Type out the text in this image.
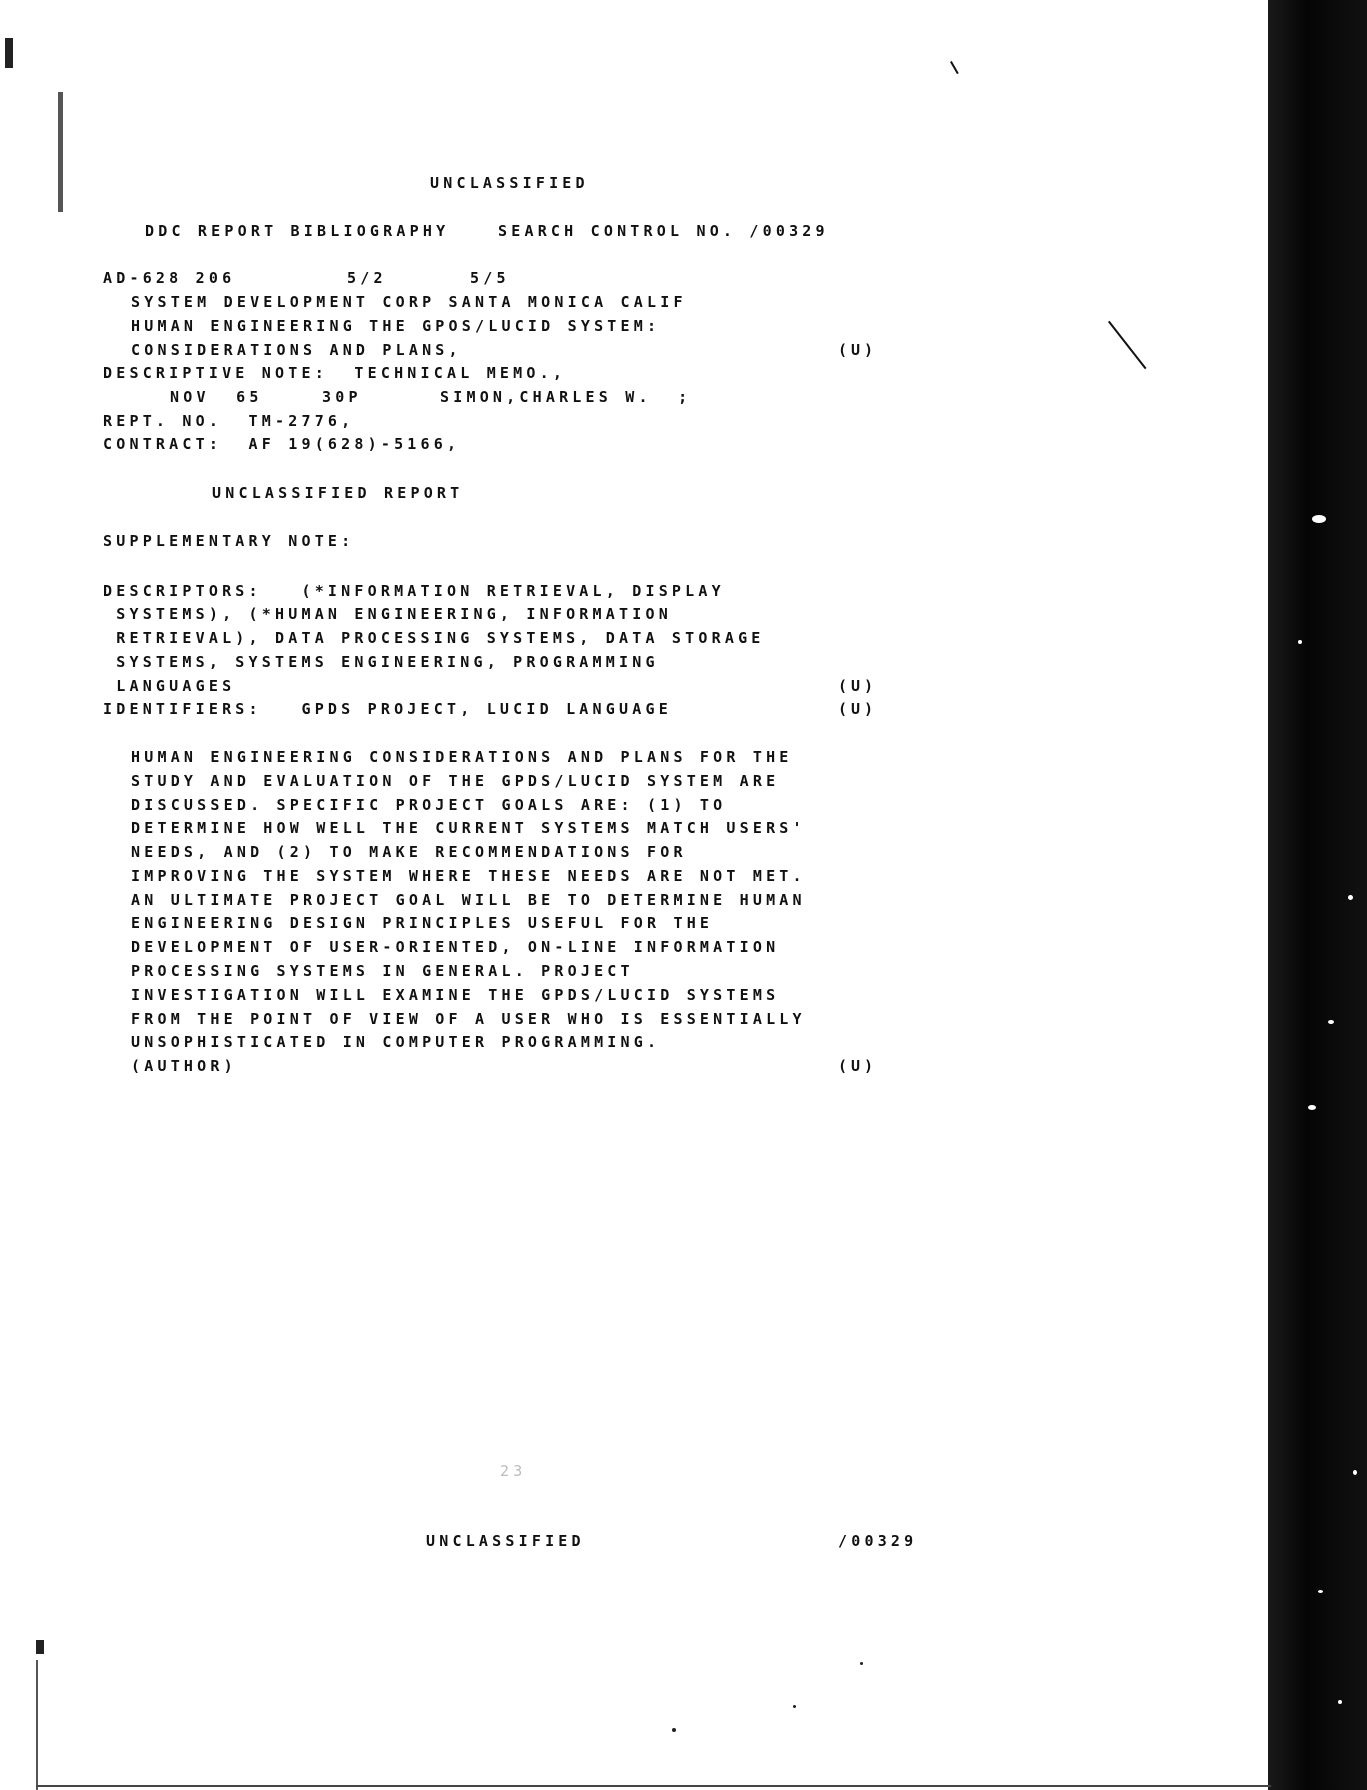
UNCLASSIFIED
DDC REPORT BIBLIOGRAPHY	SEARCH CONTROL NO. /00329
AD-628 206	5/2	5/5
SYSTEM DEVELOPMENT CORP SANTA MONICA CALIF
HUMAN ENGINEERING THE GPOS/LUCID SYSTEM:
CONSIDERATIONS AND PLANS,	(U)
DESCRIPTIVE NOTE:  TECHNICAL MEMO.,
NOV  65	30P	SIMON,CHARLES W.  ;
REPT. NO.  TM-2776,
CONTRACT:  AF 19(628)-5166,
UNCLASSIFIED REPORT
SUPPLEMENTARY NOTE:
DESCRIPTORS:   (*INFORMATION RETRIEVAL, DISPLAY
SYSTEMS), (*HUMAN ENGINEERING, INFORMATION
RETRIEVAL), DATA PROCESSING SYSTEMS, DATA STORAGE
SYSTEMS, SYSTEMS ENGINEERING, PROGRAMMING
LANGUAGES	(U)
IDENTIFIERS:   GPDS PROJECT, LUCID LANGUAGE	(U)
HUMAN ENGINEERING CONSIDERATIONS AND PLANS FOR THE
STUDY AND EVALUATION OF THE GPDS/LUCID SYSTEM ARE
DISCUSSED. SPECIFIC PROJECT GOALS ARE: (1) TO
DETERMINE HOW WELL THE CURRENT SYSTEMS MATCH USERS'
NEEDS, AND (2) TO MAKE RECOMMENDATIONS FOR
IMPROVING THE SYSTEM WHERE THESE NEEDS ARE NOT MET.
AN ULTIMATE PROJECT GOAL WILL BE TO DETERMINE HUMAN
ENGINEERING DESIGN PRINCIPLES USEFUL FOR THE
DEVELOPMENT OF USER-ORIENTED, ON-LINE INFORMATION
PROCESSING SYSTEMS IN GENERAL. PROJECT
INVESTIGATION WILL EXAMINE THE GPDS/LUCID SYSTEMS
FROM THE POINT OF VIEW OF A USER WHO IS ESSENTIALLY
UNSOPHISTICATED IN COMPUTER PROGRAMMING.
(AUTHOR)	(U)
23
UNCLASSIFIED	/00329
